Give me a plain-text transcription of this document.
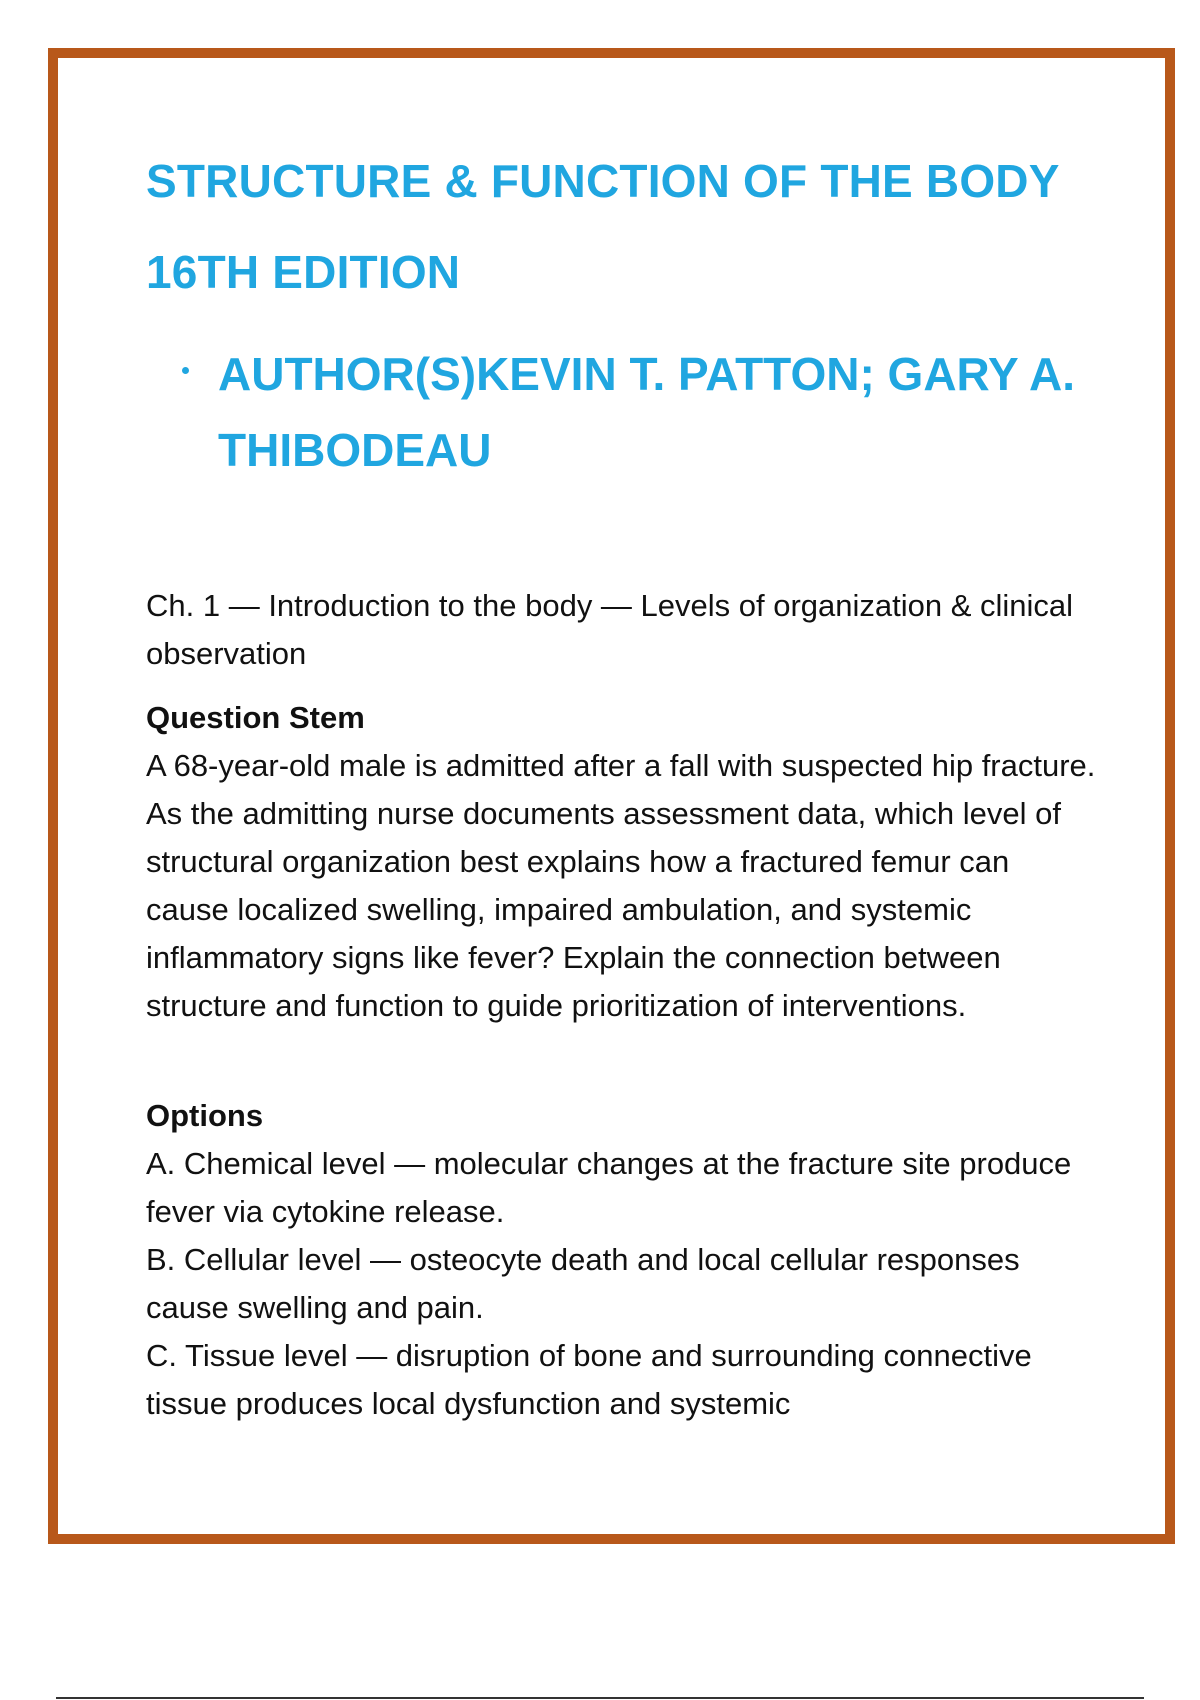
STRUCTURE & FUNCTION OF THE BODY
16TH EDITION
AUTHOR(S)KEVIN T. PATTON; GARY A. THIBODEAU
Ch. 1 — Introduction to the body — Levels of organization & clinical observation
Question Stem
A 68-year-old male is admitted after a fall with suspected hip fracture. As the admitting nurse documents assessment data, which level of structural organization best explains how a fractured femur can cause localized swelling, impaired ambulation, and systemic inflammatory signs like fever? Explain the connection between structure and function to guide prioritization of interventions.
Options

A. Chemical level — molecular changes at the fracture site produce fever via cytokine release.

B. Cellular level — osteocyte death and local cellular responses cause swelling and pain.

C. Tissue level — disruption of bone and surrounding connective tissue produces local dysfunction and systemic
